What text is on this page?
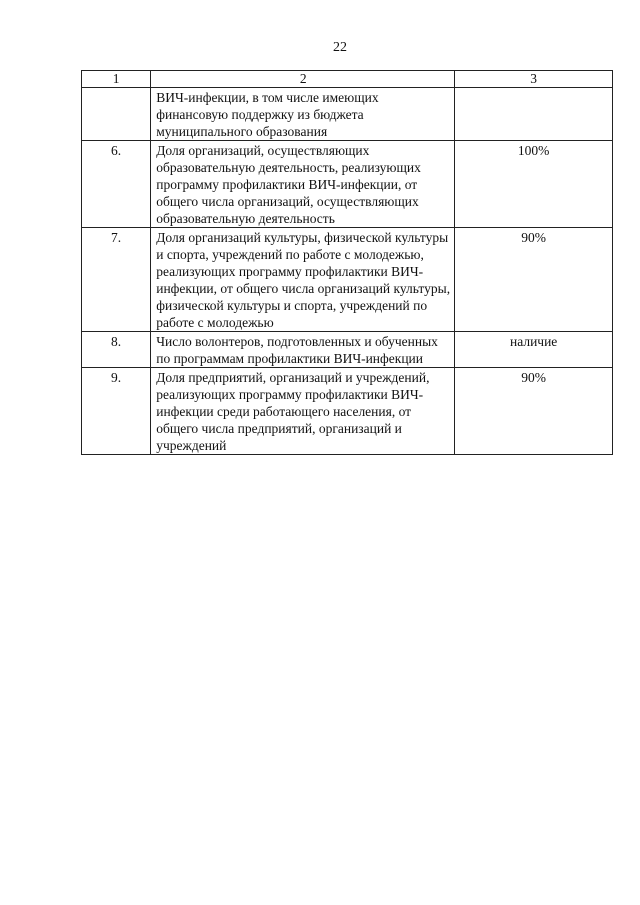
22
1	2	3
	ВИЧ-инфекции, в том числе имеющих финансовую поддержку из бюджета муниципального образования	
6.	Доля организаций, осуществляющих образовательную деятельность, реализующих программу профилактики ВИЧ-инфекции, от общего числа организаций, осуществляющих образовательную деятельность	100%
7.	Доля организаций культуры, физической культуры и спорта, учреждений по работе с молодежью, реализующих программу профилактики ВИЧ-инфекции, от общего числа организаций культуры, физической культуры и спорта, учреждений по работе с молодежью	90%
8.	Число волонтеров, подготовленных и обученных по программам профилактики ВИЧ-инфекции	наличие
9.	Доля предприятий, организаций и учреждений, реализующих программу профилактики ВИЧ-инфекции среди работающего населения, от общего числа предприятий, организаций и учреждений	90%
